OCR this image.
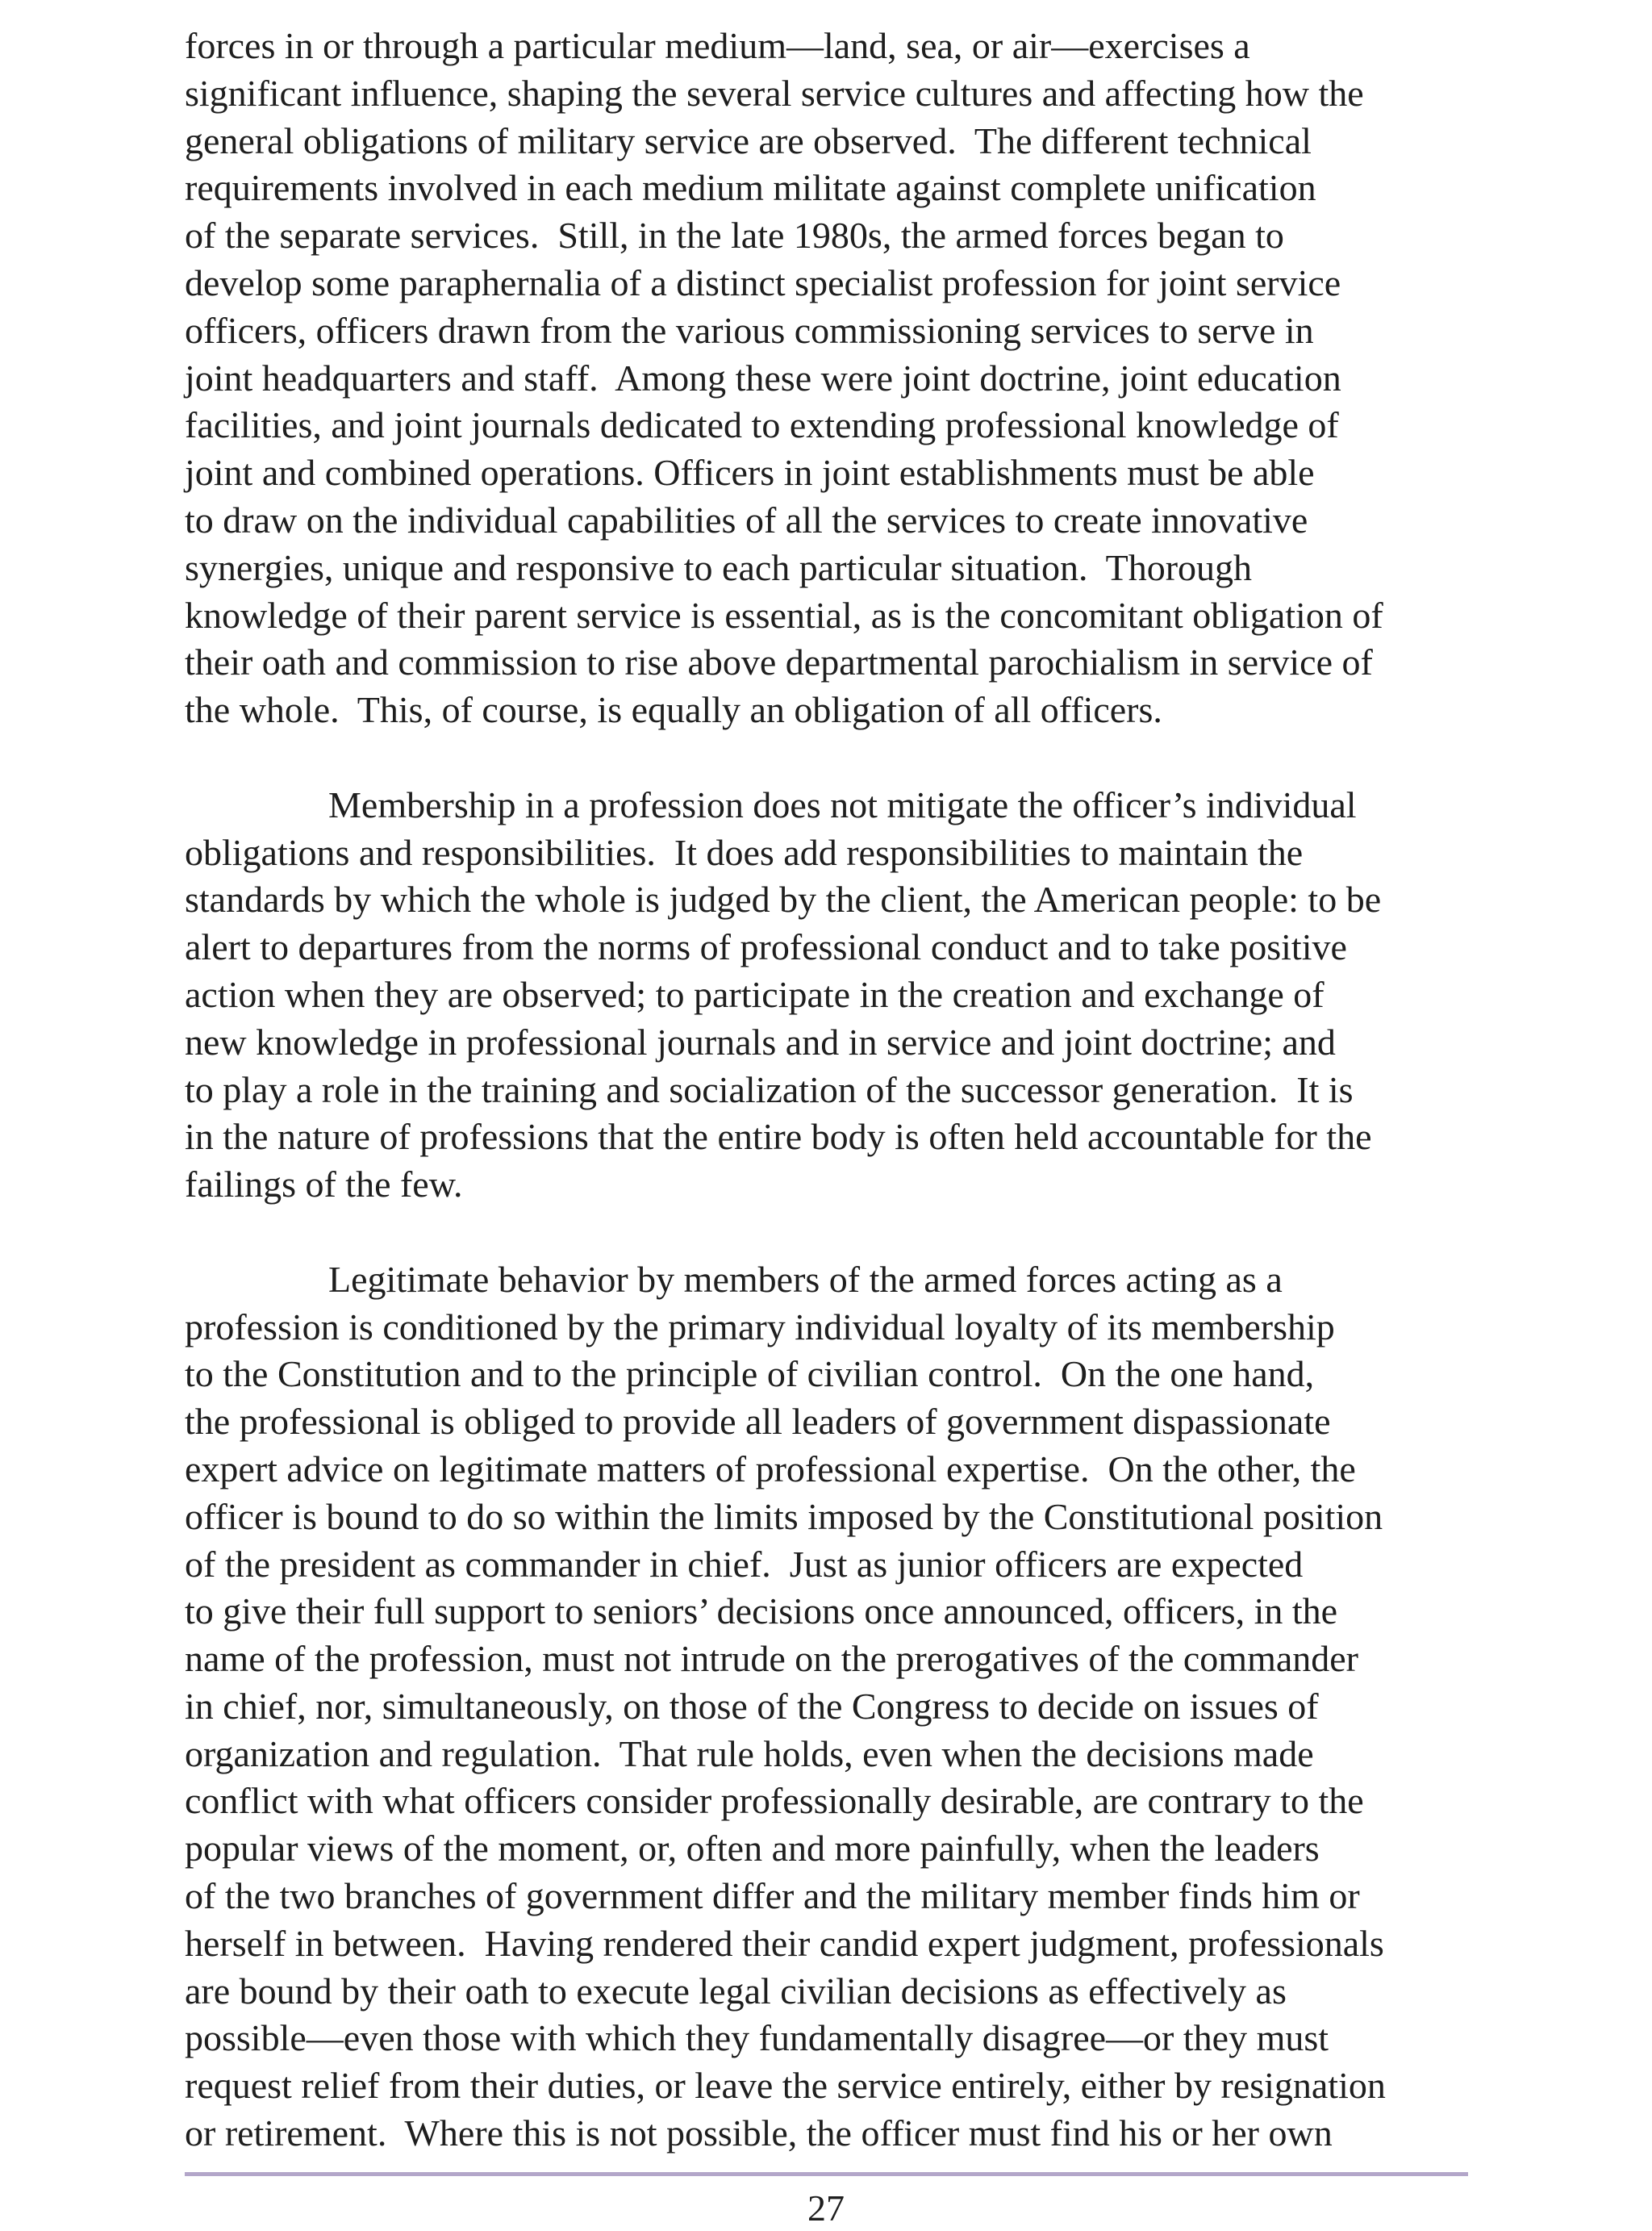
forces in or through a particular medium—land, sea, or air—exercises a
significant influence, shaping the several service cultures and affecting how the
general obligations of military service are observed.  The different technical
requirements involved in each medium militate against complete unification
of the separate services.  Still, in the late 1980s, the armed forces began to
develop some paraphernalia of a distinct specialist profession for joint service
officers, officers drawn from the various commissioning services to serve in
joint headquarters and staff.  Among these were joint doctrine, joint education
facilities, and joint journals dedicated to extending professional knowledge of
joint and combined operations. Officers in joint establishments must be able
to draw on the individual capabilities of all the services to create innovative
synergies, unique and responsive to each particular situation.  Thorough
knowledge of their parent service is essential, as is the concomitant obligation of
their oath and commission to rise above departmental parochialism in service of
the whole.  This, of course, is equally an obligation of all officers.
Membership in a profession does not mitigate the officer’s individual
obligations and responsibilities.  It does add responsibilities to maintain the
standards by which the whole is judged by the client, the American people: to be
alert to departures from the norms of professional conduct and to take positive
action when they are observed; to participate in the creation and exchange of
new knowledge in professional journals and in service and joint doctrine; and
to play a role in the training and socialization of the successor generation.  It is
in the nature of professions that the entire body is often held accountable for the
failings of the few.
Legitimate behavior by members of the armed forces acting as a
profession is conditioned by the primary individual loyalty of its membership
to the Constitution and to the principle of civilian control.  On the one hand,
the professional is obliged to provide all leaders of government dispassionate
expert advice on legitimate matters of professional expertise.  On the other, the
officer is bound to do so within the limits imposed by the Constitutional position
of the president as commander in chief.  Just as junior officers are expected
to give their full support to seniors’ decisions once announced, officers, in the
name of the profession, must not intrude on the prerogatives of the commander
in chief, nor, simultaneously, on those of the Congress to decide on issues of
organization and regulation.  That rule holds, even when the decisions made
conflict with what officers consider professionally desirable, are contrary to the
popular views of the moment, or, often and more painfully, when the leaders
of the two branches of government differ and the military member finds him or
herself in between.  Having rendered their candid expert judgment, professionals
are bound by their oath to execute legal civilian decisions as effectively as
possible—even those with which they fundamentally disagree—or they must
request relief from their duties, or leave the service entirely, either by resignation
or retirement.  Where this is not possible, the officer must find his or her own
27
